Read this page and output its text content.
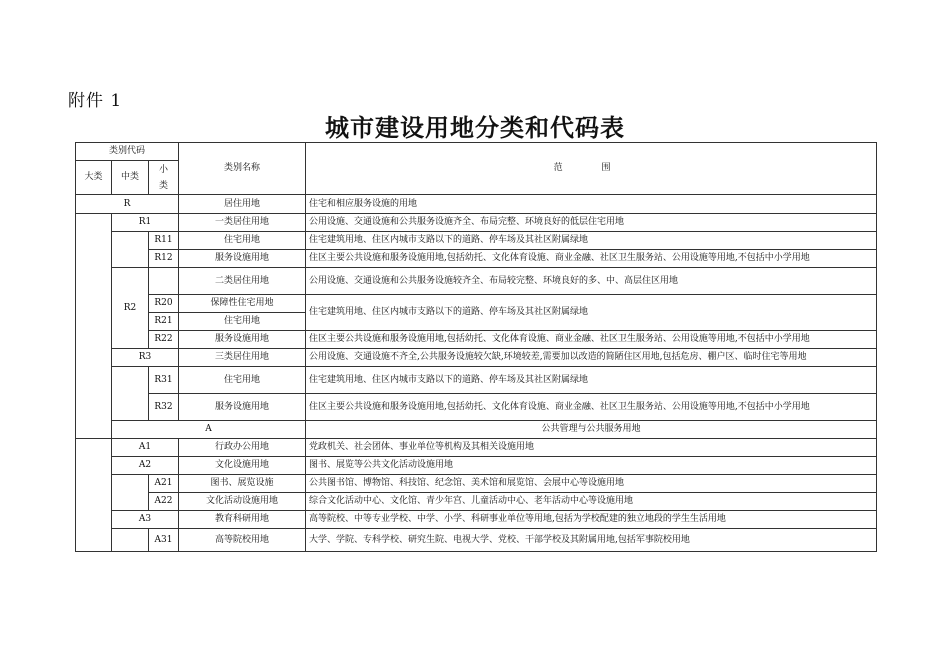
附件 1
城市建设用地分类和代码表
类别代码			类别名称	范 围	
大类	中类	小类			
R			居住用地	住宅和相应服务设施的用地	
	R1		一类居住用地	公用设施、交通设施和公共服务设施齐全、布局完整、环境良好的低层住宅用地	
		R11	住宅用地	住宅建筑用地、住区内城市支路以下的道路、停车场及其社区附属绿地	
		R12	服务设施用地	住区主要公共设施和服务设施用地,包括幼托、文化体育设施、商业金融、社区卫生服务站、公用设施等用地,不包括中小学用地	
	R2		二类居住用地	公用设施、交通设施和公共服务设施较齐全、布局较完整、环境良好的多、中、高层住区用地	
		R20	保障性住宅用地	住宅建筑用地、住区内城市支路以下的道路、停车场及其社区附属绿地	
		R21	住宅用地		
		R22	服务设施用地	住区主要公共设施和服务设施用地,包括幼托、文化体育设施、商业金融、社区卫生服务站、公用设施等用地,不包括中小学用地	
	R3		三类居住用地	公用设施、交通设施不齐全,公共服务设施较欠缺,环境较差,需要加以改造的简陋住区用地,包括危房、棚户区、临时住宅等用地	
		R31	住宅用地	住宅建筑用地、住区内城市支路以下的道路、停车场及其社区附属绿地	
		R32	服务设施用地	住区主要公共设施和服务设施用地,包括幼托、文化体育设施、商业金融、社区卫生服务站、公用设施等用地,不包括中小学用地	
	A			公共管理与公共服务用地	
	A1		行政办公用地	党政机关、社会团体、事业单位等机构及其相关设施用地	
	A2		文化设施用地	图书、展览等公共文化活动设施用地	
		A21	图书、展览设施	公共图书馆、博物馆、科技馆、纪念馆、美术馆和展览馆、会展中心等设施用地	
		A22	文化活动设施用地	综合文化活动中心、文化馆、青少年宫、儿童活动中心、老年活动中心等设施用地	
	A3		教育科研用地	高等院校、中等专业学校、中学、小学、科研事业单位等用地,包括为学校配建的独立地段的学生生活用地	
		A31	高等院校用地	大学、学院、专科学校、研究生院、电视大学、党校、干部学校及其附属用地,包括军事院校用地	
